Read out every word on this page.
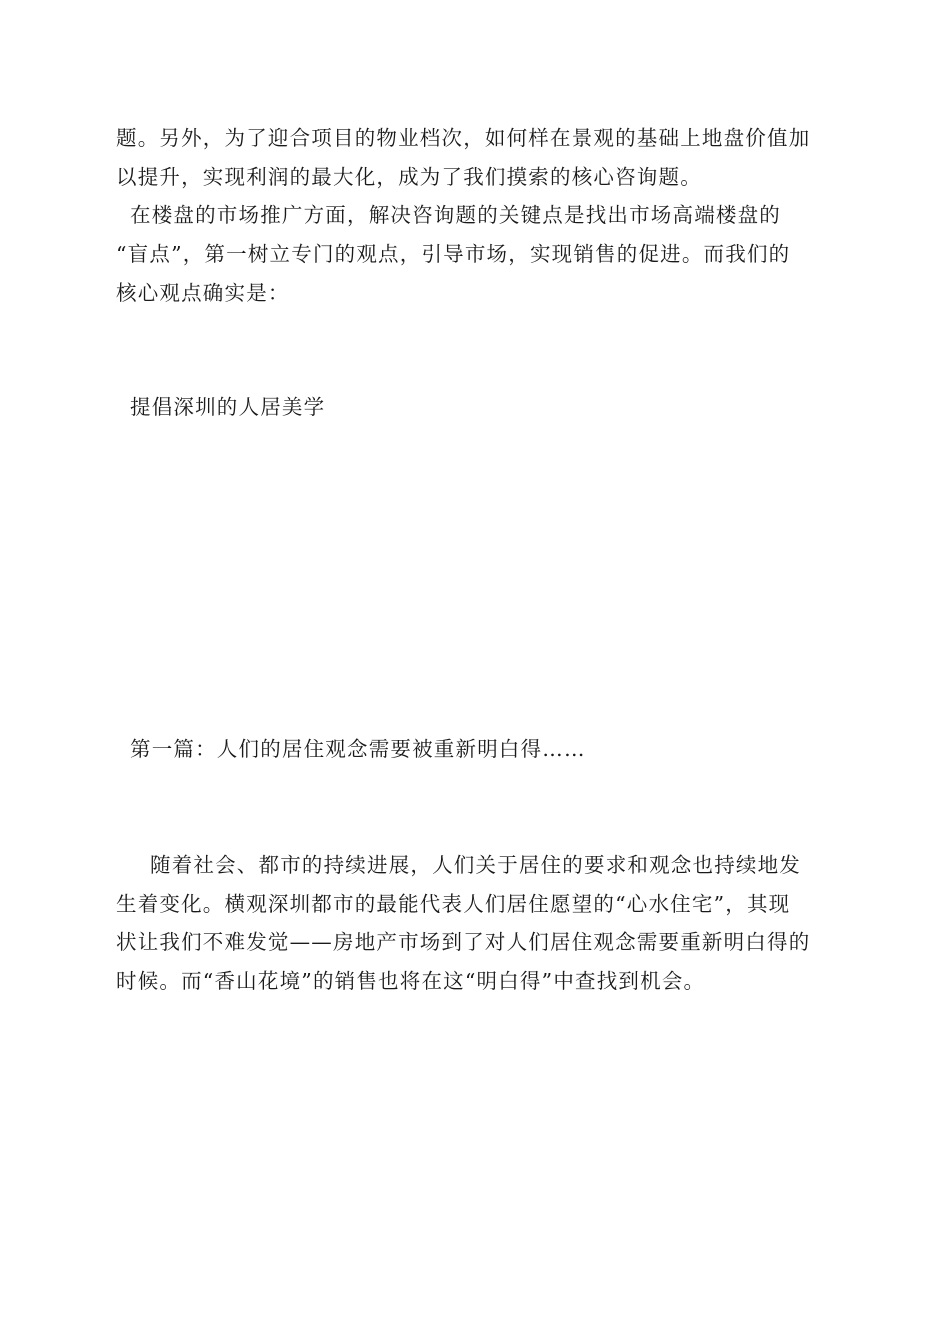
题。另外，为了迎合项目的物业档次，如何样在景观的基础上地盘价值加
以提升，实现利润的最大化，成为了我们摸索的核心咨询题。
在楼盘的市场推广方面，解决咨询题的关键点是找出市场高端楼盘的
“盲点”，第一树立专门的观点，引导市场，实现销售的促进。而我们的
核心观点确实是：
提倡深圳的人居美学
第一篇：人们的居住观念需要被重新明白得……
随着社会、都市的持续进展，人们关于居住的要求和观念也持续地发
生着变化。横观深圳都市的最能代表人们居住愿望的“心水住宅”，其现
状让我们不难发觉——房地产市场到了对人们居住观念需要重新明白得的
时候。而“香山花境”的销售也将在这“明白得”中查找到机会。
